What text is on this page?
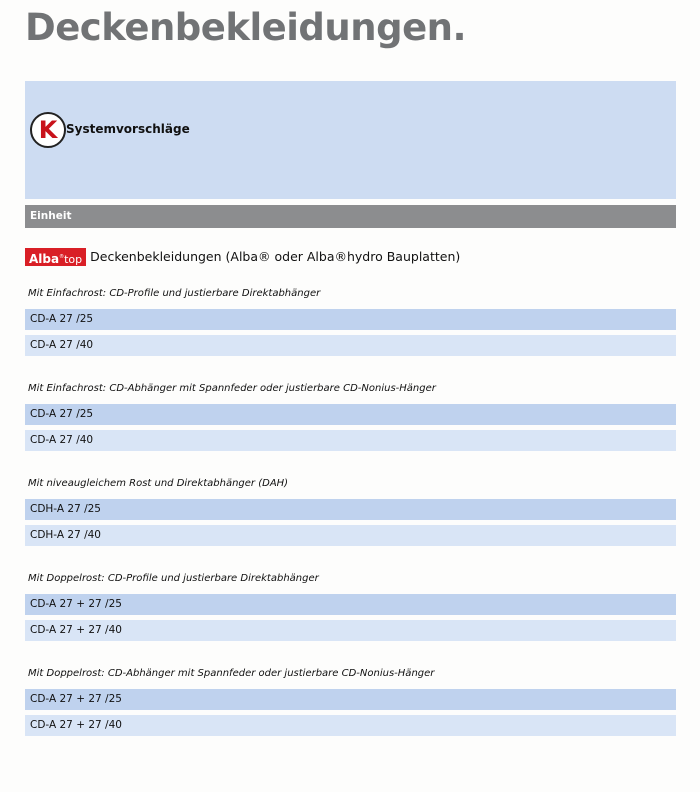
Deckenbekleidungen.
K Systemvorschläge
Einheit
Alba®top Deckenbekleidungen (Alba® oder Alba®hydro Bauplatten)
Mit Einfachrost: CD-Profile und justierbare Direktabhänger
CD-A 27 /25
CD-A 27 /40
Mit Einfachrost: CD-Abhänger mit Spannfeder oder justierbare CD-Nonius-Hänger
CD-A 27 /25
CD-A 27 /40
Mit niveaugleichem Rost und Direktabhänger (DAH)
CDH-A 27 /25
CDH-A 27 /40
Mit Doppelrost: CD-Profile und justierbare Direktabhänger
CD-A 27 + 27 /25
CD-A 27 + 27 /40
Mit Doppelrost: CD-Abhänger mit Spannfeder oder justierbare CD-Nonius-Hänger
CD-A 27 + 27 /25
CD-A 27 + 27 /40
